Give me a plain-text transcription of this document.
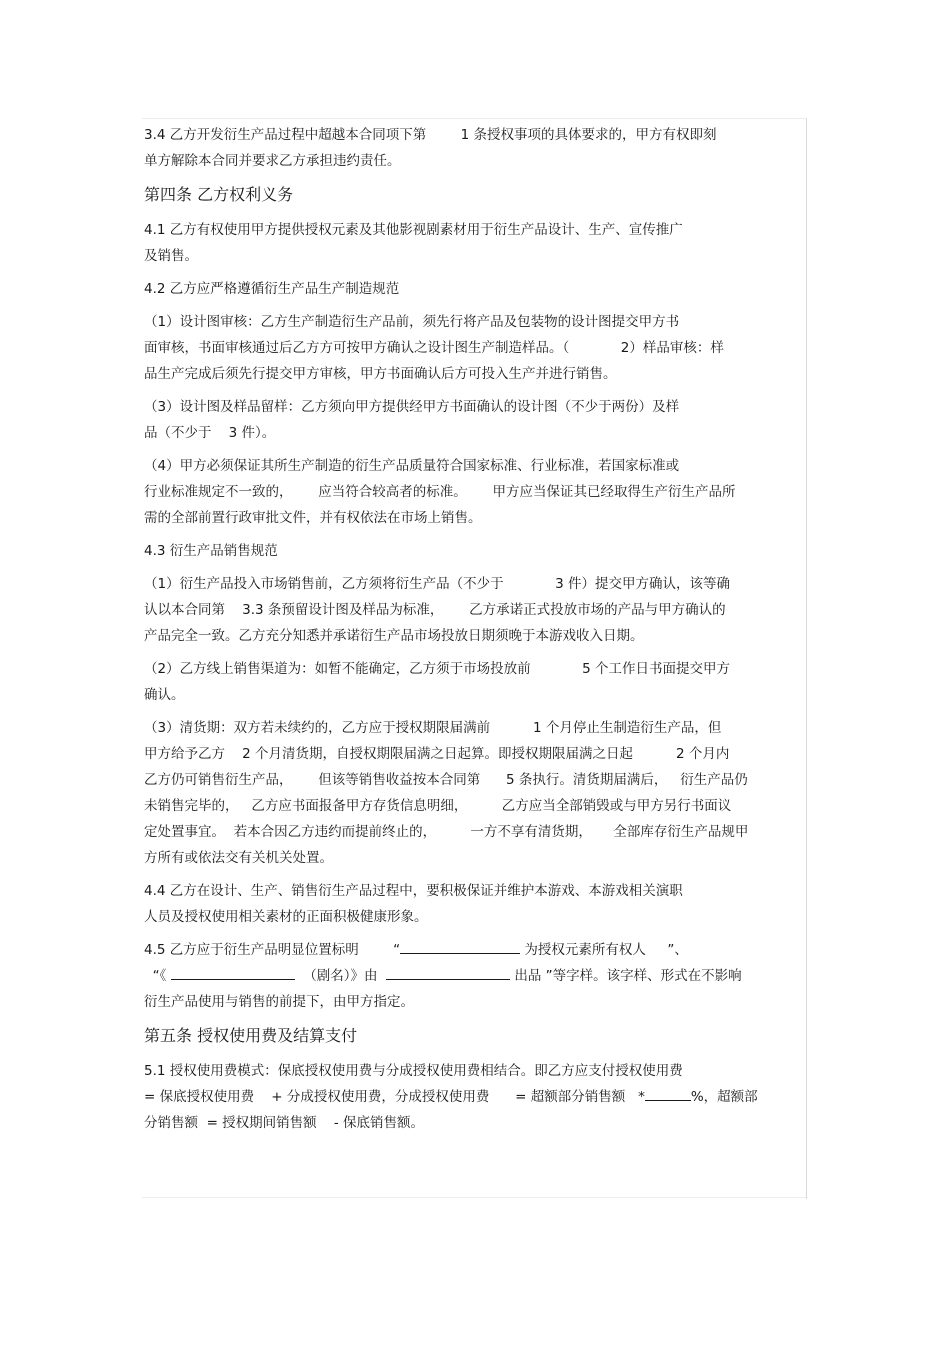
3.4 乙方开发衍生产品过程中超越本合同项下第        1 条授权事项的具体要求的，甲方有权即刻
单方解除本合同并要求乙方承担违约责任。
第四条 乙方权利义务
4.1 乙方有权使用甲方提供授权元素及其他影视剧素材用于衍生产品设计、生产、宣传推广
及销售。
4.2 乙方应严格遵循衍生产品生产制造规范
（1）设计图审核：乙方生产制造衍生产品前，须先行将产品及包装物的设计图提交甲方书
面审核，书面审核通过后乙方方可按甲方确认之设计图生产制造样品。（            2）样品审核：样
品生产完成后须先行提交甲方审核，甲方书面确认后方可投入生产并进行销售。
（3）设计图及样品留样：乙方须向甲方提供经甲方书面确认的设计图（不少于两份）及样
品（不少于    3 件）。
（4）甲方必须保证其所生产制造的衍生产品质量符合国家标准、行业标准，若国家标准或
行业标准规定不一致的，      应当符合较高者的标准。      甲方应当保证其已经取得生产衍生产品所
需的全部前置行政审批文件，并有权依法在市场上销售。
4.3 衍生产品销售规范
（1）衍生产品投入市场销售前，乙方须将衍生产品（不少于            3 件）提交甲方确认，该等确
认以本合同第    3.3 条预留设计图及样品为标准，      乙方承诺正式投放市场的产品与甲方确认的
产品完全一致。乙方充分知悉并承诺衍生产品市场投放日期须晚于本游戏收入日期。
（2）乙方线上销售渠道为：如暂不能确定，乙方须于市场投放前            5 个工作日书面提交甲方
确认。
（3）清货期：双方若未续约的，乙方应于授权期限届满前          1 个月停止生制造衍生产品，但
甲方给予乙方    2 个月清货期，自授权期限届满之日起算。即授权期限届满之日起          2 个月内
乙方仍可销售衍生产品，      但该等销售收益按本合同第      5 条执行。清货期届满后，   衍生产品仍
未销售完毕的，   乙方应书面报备甲方存货信息明细，        乙方应当全部销毁或与甲方另行书面议
定处置事宜。  若本合因乙方违约而提前终止的，        一方不享有清货期，     全部库存衍生产品规甲
方所有或依法交有关机关处置。
4.4 乙方在设计、生产、销售衍生产品过程中，要积极保证并维护本游戏、本游戏相关演职
人员及授权使用相关素材的正面积极健康形象。
4.5 乙方应于衍生产品明显位置标明        “	为授权元素所有权人     ”、
“《	（剧名）》由	出品 ”等字样。该字样、形式在不影响
衍生产品使用与销售的前提下，由甲方指定。
第五条 授权使用费及结算支付
5.1 授权使用费模式：保底授权使用费与分成授权使用费相结合。即乙方应支付授权使用费
= 保底授权使用费    + 分成授权使用费，分成授权使用费      = 超额部分销售额   *	%，超额部
分销售额  = 授权期间销售额    - 保底销售额。
